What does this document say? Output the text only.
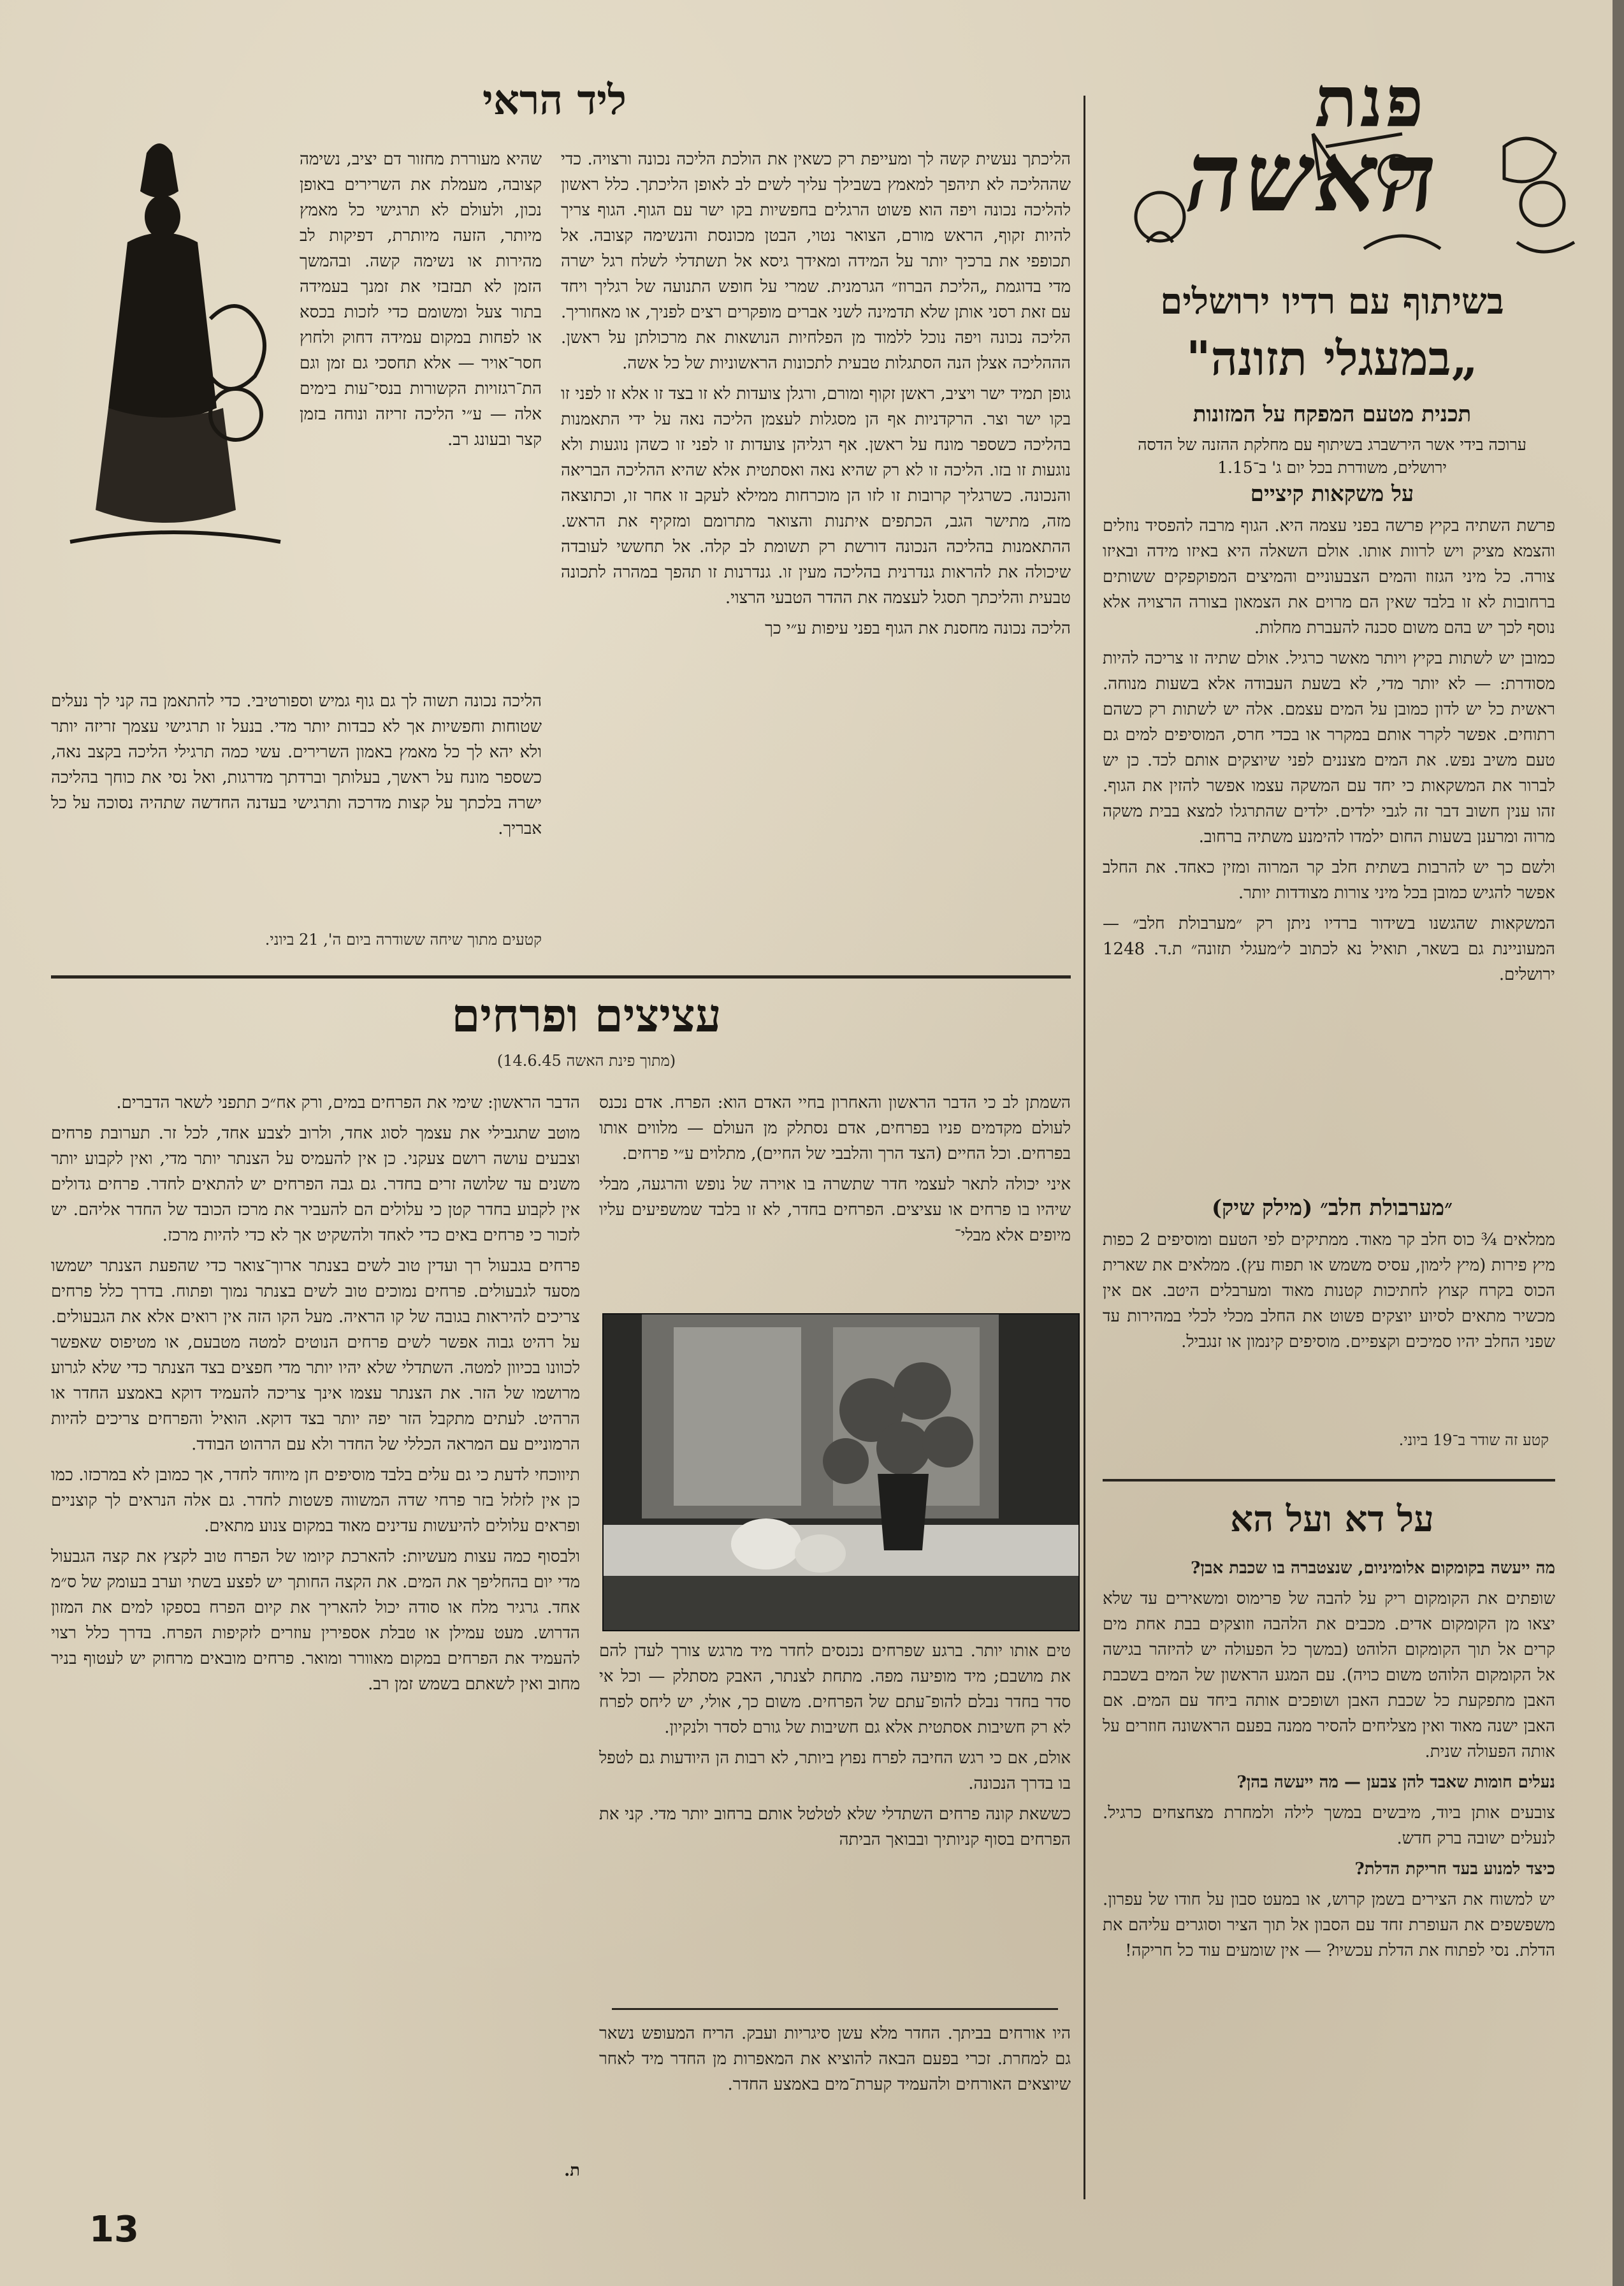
פנת
האשה
בשיתוף עם רדיו ירושלים
„במעגלי תזונה"
תכנית מטעם המפקח על המזונות
ערוכה בידי אשר הירשברג בשיתוף עם מחלקת ההזנה של הדסה ירושלים, משודרת בכל יום ג' ב־1.15
על משקאות קיציים

פרשת השתיה בקיץ פרשה בפני עצמה היא. הגוף מרבה להפסיד נוזלים והצמא מציק ויש לרוות אותו. אולם השאלה היא באיזו מידה ובאיזו צורה. כל מיני הגזוז והמים הצבעוניים והמיצים המפוקפקים ששותים ברחובות לא זו בלבד שאין הם מרוים את הצמאון בצורה הרצויה אלא נוסף לכך יש בהם משום סכנה להעברת מחלות.

כמובן יש לשתות בקיץ ויותר מאשר כרגיל. אולם שתיה זו צריכה להיות מסודרת: — לא יותר מדי, לא בשעת העבודה אלא בשעות מנוחה. ראשית כל יש לדון כמובן על המים עצמם. אלה יש לשתות רק כשהם רתוחים. אפשר לקרר אותם במקרר או בכדי חרס, המוסיפים למים גם טעם משיב נפש. את המים מצננים לפני שיוצקים אותם לכד. כן יש לברור את המשקאות כי יחד עם המשקה עצמו אפשר להזין את הגוף. זהו ענין חשוב דבר זה לגבי ילדים. ילדים שהתרגלו למצא בבית משקה מרוה ומרענן בשעות החום ילמדו להימנע משתיה ברחוב.

ולשם כך יש להרבות בשתית חלב קר המרוה ומזין כאחד. את החלב אפשר להגיש כמובן בכל מיני צורות מצודדות יותר.

המשקאות שהגשנו בשידור ברדיו ניתן רק ״מערבולת חלב״ — המעוניינת גם בשאר, תואיל נא לכתוב ל״מעגלי תזונה״ ת.ד. 1248 ירושלים.

״מערבולת חלב״ (מילק שיק)

ממלאים ¾ כוס חלב קר מאוד. ממתיקים לפי הטעם ומוסיפים 2 כפות מיץ פירות (מיץ לימון, עסיס משמש או תפוח עץ). ממלאים את שארית הכוס בקרח קצוץ לחתיכות קטנות מאוד ומערבלים היטב. אם אין מכשיר מתאים לסיוע יוצקים פשוט את החלב מכלי לכלי במהירות עד שפני החלב יהיו סמיכים וקצפיים. מוסיפים קינמון או זנגביל.

קטע זה שודר ב־19 ביוני.
על דא ועל הא

מה ייעשה בקומקום אלומיניום, שנצטברה בו שכבת אבן?

שופתים את הקומקום ריק על להבה של פרימוס ומשאירים עד שלא יצאו מן הקומקום אדים. מכבים את הלהבה וזוצקים בבת אחת מים קרים אל תוך הקומקום הלוהט (במשך כל הפעולה יש להיזהר בגישה אל הקומקום הלוהט משום כויה). עם המגע הראשון של המים בשכבת האבן מתפקעת כל שכבת האבן ושופכים אותה ביחד עם המים. אם האבן ישנה מאוד ואין מצליחים להסיר ממנה בפעם הראשונה חוזרים על אותה הפעולה שנית.

נעלים חומות שאבד להן צבען — מה ייעשה בהן?

צובעים אותן ביוד, מיבשים במשך לילה ולמחרת מצחצחים כרגיל. לנעלים ישובה ברק חדש.

כיצד למנוע בעד חריקת הדלת?

יש למשוח את הצירים בשמן קרוש, או במעט סבון על חודו של עפרון. משפשפים את העופרת זחד עם הסבון אל תוך הציר וסוגרים עליהם את הדלת. נסי לפתוח את הדלת עכשיו? — אין שומעים עוד כל חריקה!

ליד הראי

הליכתך נעשית קשה לך ומעייפת רק כשאין את הולכת הליכה נכונה ורצויה. כדי שההליכה לא תיהפך למאמץ בשבילך עליך לשים לב לאופן הליכתך. כלל ראשון להליכה נכונה ויפה הוא פשוט הרגלים בחפשיות בקו ישר עם הגוף. הגוף צריך להיות זקוף, הראש מורם, הצואר נטוי, הבטן מכונסת והנשימה קצובה. אל תכופפי את ברכיך יותר על המידה ומאידך גיסא אל תשתדלי לשלח רגל ישרה מדי בדוגמת „הליכת הברוז״ הגרמנית. שמרי על חופש התנועה של רגליך ויחד עם זאת רסני אותן שלא תדמינה לשני אברים מופקרים רצים לפניך, או מאחוריך. הליכה נכונה ויפה נוכל ללמוד מן הפלחיות הנושאות את מרכולתן על ראשן. הההליכה אצלן הנה הסתגלות טבעית לתכונות הראשוניות של כל אשה.

גופן תמיד ישר ויציב, ראשן זקוף ומורם, ורגלן צועדות לא זו בצד זו אלא זו לפני זו בקו ישר וצר. הרקדניות אף הן מסגלות לעצמן הליכה נאה על ידי התאמנות בהליכה כשספר מונח על ראשן. אף רגליהן צועדות זו לפני זו כשהן נוגעות ולא נוגעות זו בזו. הליכה זו לא רק שהיא נאה ואסתטית אלא שהיא ההליכה הבריאה והנכונה. כשרגליך קרובות זו לזו הן מוכרחות ממילא לעקב זו אחר זו, וכתוצאה מזה, מתישר הגב, הכתפים איתנות והצואר מתרומם ומזקיף את הראש. ההתאמנות בהליכה הנכונה דורשת רק תשומת לב קלה. אל תחששי לעובדה שיכולה את להראות גנדרנית בהליכה מעין זו. גנדרנות זו תהפך במהרה לתכונה טבעית והליכתך תסגל לעצמה את ההדר הטבעי הרצוי.

הליכה נכונה מחסנת את הגוף בפני עיפות ע״י כך

שהיא מעוררת מחזור דם יציב, נשימה קצובה, מעמלת את השרירים באופן נכון, ולעולם לא תרגישי כל מאמץ מיותר, הזעה מיותרת, דפיקות לב מהירות או נשימה קשה. ובהמשך הזמן לא תבזבזי את זמנך בעמידה בתור צעל ומשומם כדי לזכות בכסא או לפחות במקום עמידה דחוק ולחוץ חסר־אויר — אלא תחסכי גם זמן וגם הת־רגזויות הקשורות בנסי־עות בימים אלה — ע״י הליכה זריזה ונוחה בזמן קצר ובעונג רב.

הליכה נכונה תשוה לך גם גוף גמיש וספורטיבי. כדי להתאמן בה קני לך נעלים שטוחות וחפשיות אך לא כבדות יותר מדי. בנעל זו תרגישי עצמך זריזה יותר ולא יהא לך כל מאמץ באמון השרירים. עשי כמה תרגילי הליכה בקצב נאה, כשספר מונח על ראשך, בעלותך וברדתך מדרגות, ואל נסי את כוחך בהליכה ישרה בלכתך על קצות מדרכה ותרגישי בעדנה החדשה שתהיה נסוכה על כל אבריך.

קטעים מתוך שיחה ששודרה ביום ה', 21 ביוני.
עציצים ופרחים
(מתוך פינת האשה 14.6.45)

השמתן לב כי הדבר הראשון והאחרון בחיי האדם הוא: הפרח. אדם נכנס לעולם מקדמים פניו בפרחים, אדם נסתלק מן העולם — מלווים אותו בפרחים. וכל החיים (הצד הרך והלבבי של החיים), מתלוים ע״י פרחים.

איני יכולה לתאר לעצמי חדר שתשרה בו אוירה של נופש והרגעה, מבלי שיהיו בו פרחים או עציצים. הפרחים בחדר, לא זו בלבד שמשפיעים עליו מיופים אלא מבלי־

טים אותו יותר. ברגע שפרחים נכנסים לחדר מיד מרגש צורך לעדן להם את מושבם; מיד מופיעה מפה. מתחת לצנתר, האבק מסתלק — וכל אי סדר בחדר נבלם להופ־עתם של הפרחים. משום כך, אולי, יש ליחס לפרח לא רק חשיבות אסתטית אלא גם חשיבות של גורם לסדר ולנקיון.

אולם, אם כי רגש החיבה לפרח נפוץ ביותר, לא רבות הן היודעות גם לטפל בו בדרך הנכונה.

כששאת קונה פרחים השתדלי שלא לטלטל אותם ברחוב יותר מדי. קני את הפרחים בסוף קניותיך ובבואך הביתה

היו אורחים בביתך. החדר מלא עשן סיגריות ועבק. הריח המעופש נשאר גם למחרת. זכרי בפעם הבאה להוציא את המאפרות מן החדר מיד לאחר שיוצאים האורחים ולהעמיד קערת־מים באמצע החדר.

הדבר הראשון: שימי את הפרחים במים, ורק אח״כ תתפני לשאר הדברים.

מוטב שתגבילי את עצמך לסוג אחד, ולרוב לצבע אחד, לכל זר. תערובת פרחים וצבעים עושה רושם צעקני. כן אין להעמיס על הצנתר יותר מדי, ואין לקבוע יותר משנים עד שלושה זרים בחדר. גם גבה הפרחים יש להתאים לחדר. פרחים גדולים אין לקבוע בחדר קטן כי עלולים הם להעביר את מרכז הכובד של החדר אליהם. יש לזכור כי פרחים באים כדי לאחד ולהשקיט אך לא כדי להיות מרכז.

פרחים בגבעול רך ועדין טוב לשים בצנתר ארוך־צואר כדי שהפעת הצנתר ישמשו מסעד לגבעולים. פרחים נמוכים טוב לשים בצנתר נמוך ופתוח. בדרך כלל פרחים צריכים להיראות בגובה של קו הראיה. מעל הקו הזה אין רואים אלא את הגבעולים. על רהיט גבוה אפשר לשים פרחים הנוטים למטה מטבעם, או מטיפוס שאפשר לכוונו בכיוון למטה. השתדלי שלא יהיו יותר מדי חפצים בצד הצנתר כדי שלא לגרוע מרושמו של הזר. את הצנתר עצמו אינך צריכה להעמיד דוקא באמצע החדר או הרהיט. לעתים מתקבל הזר יפה יותר בצד דוקא. הואיל והפרחים צריכים להיות הרמוניים עם המראה הכללי של החדר ולא עם הרהוט הבודד.

תיווכחי לדעת כי גם עלים בלבד מוסיפים חן מיוחד לחדר, אך כמובן לא במרכזו. כמו כן אין לזלזל בזר פרחי שדה המשווה פשטות לחדר. גם אלה הנראים לך קוצניים ופראים עלולים להיעשות עדינים מאוד במקום צנוע מתאים.

ולבסוף כמה עצות מעשיות: להארכת קיומו של הפרח טוב לקצץ את קצה הגבעול מדי יום בהחליפך את המים. את הקצה החותך יש לפצע בשתי וערב בעומק של ס״מ אחד. גרגיר מלח או סודה יכול להאריך את קיום הפרח בספקו למים את המזון הדרוש. מעט עמילן או טבלת אספירין עוזרים לזקיפות הפרח. בדרך כלל רצוי להעמיד את הפרחים במקום מאוורר ומואר. פרחים מובאים מרחוק יש לעטוף בניר מחוב ואין לשאתם בשמש זמן רב.

ת.
13
